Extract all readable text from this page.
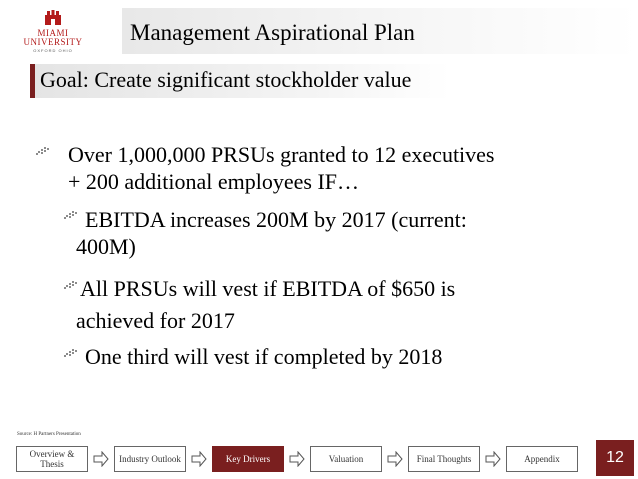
MIAMI
UNIVERSITY
OXFORD OHIO
Management Aspirational Plan
Goal: Create significant stockholder value
Over 1,000,000 PRSUs granted to 12 executives
+ 200 additional employees IF…
EBITDA increases 200M by 2017 (current:
400M)
All PRSUs will vest if EBITDA of $650 is
achieved for 2017
One third will vest if completed by 2018
Source: H Partners Presentation
Overview & Thesis	Industry Outlook	Key Drivers	Valuation	Final Thoughts	Appendix	12
